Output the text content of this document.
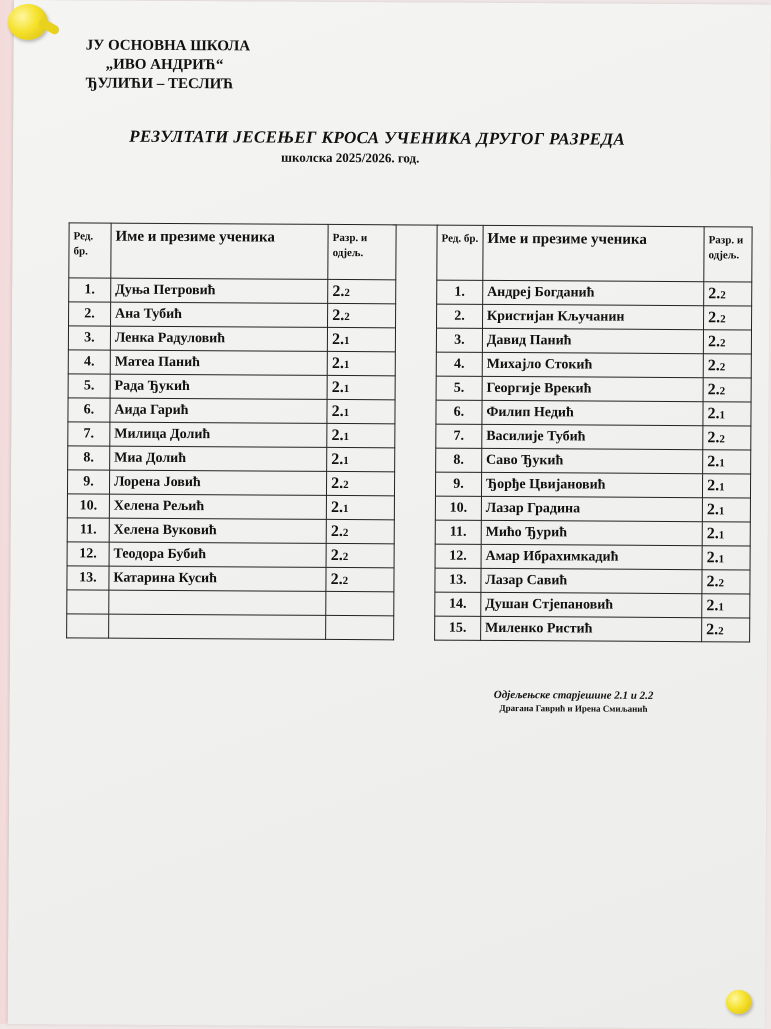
ЈУ ОСНОВНА ШКОЛА
„ИВО АНДРИЋ“
ЂУЛИЋИ – ТЕСЛИЋ
РЕЗУЛТАТИ ЈЕСЕЊЕГ КРОСА УЧЕНИКА ДРУГОГ РАЗРЕДА
школска 2025/2026. год.
Ред. бр.	Име и презиме ученика	Разр. и одјељ.
1.	Дуња Петровић	2.2
2.	Ана Тубић	2.2
3.	Ленка Радуловић	2.1
4.	Матеа Панић	2.1
5.	Рада Ђукић	2.1
6.	Аида Гарић	2.1
7.	Милица Долић	2.1
8.	Миа Долић	2.1
9.	Лорена Јовић	2.2
10.	Хелена Рељић	2.1
11.	Хелена Вуковић	2.2
12.	Теодора Бубић	2.2
13.	Катарина Кусић	2.2

Ред. бр.	Име и презиме ученика	Разр. и одјељ.
1.	Андреј Богданић	2.2
2.	Кристијан Кључанин	2.2
3.	Давид Панић	2.2
4.	Михајло Стокић	2.2
5.	Георгије Врекић	2.2
6.	Филип Недић	2.1
7.	Василије Тубић	2.2
8.	Саво Ђукић	2.1
9.	Ђорђе Цвијановић	2.1
10.	Лазар Градина	2.1
11.	Мићо Ђурић	2.1
12.	Амар Ибрахимкадић	2.1
13.	Лазар Савић	2.2
14.	Душан Стјепановић	2.1
15.	Миленко Ристић	2.2
Одјељењске старјешине 2.1 и 2.2
Драгана Гаврић и Ирена Смиљанић
